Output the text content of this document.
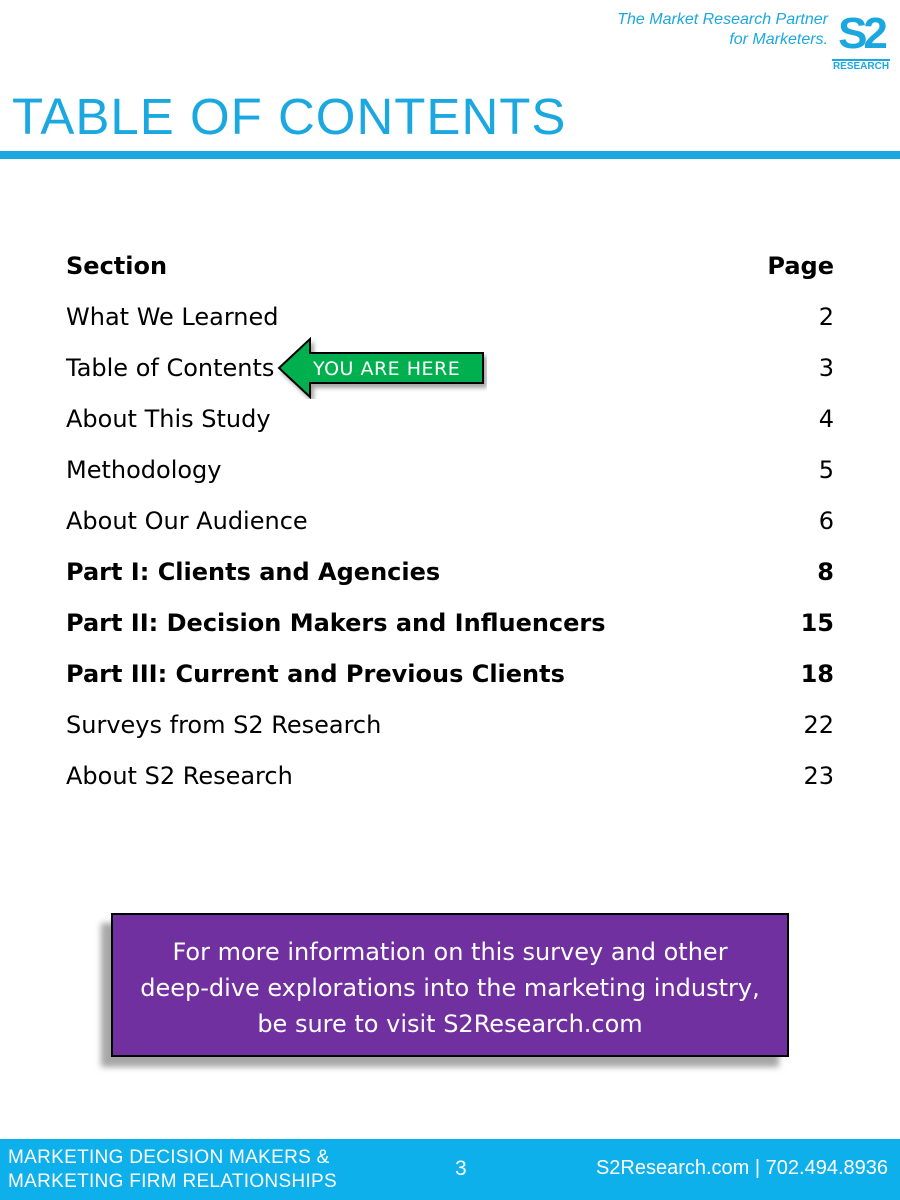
The Market Research Partner
for Marketers. S2
RESEARCH
TABLE OF CONTENTS
Section	Page
What We Learned	2
Table of Contents	3
About This Study	4
Methodology	5
About Our Audience	6
Part I: Clients and Agencies	8
Part II: Decision Makers and Influencers	15
Part III: Current and Previous Clients	18
Surveys from S2 Research	22
About S2 Research	23
YOU ARE HERE
For more information on this survey and other
deep-dive explorations into the marketing industry,
be sure to visit S2Research.com
MARKETING DECISION MAKERS &
MARKETING FIRM RELATIONSHIPS
3	S2Research.com | 702.494.8936
